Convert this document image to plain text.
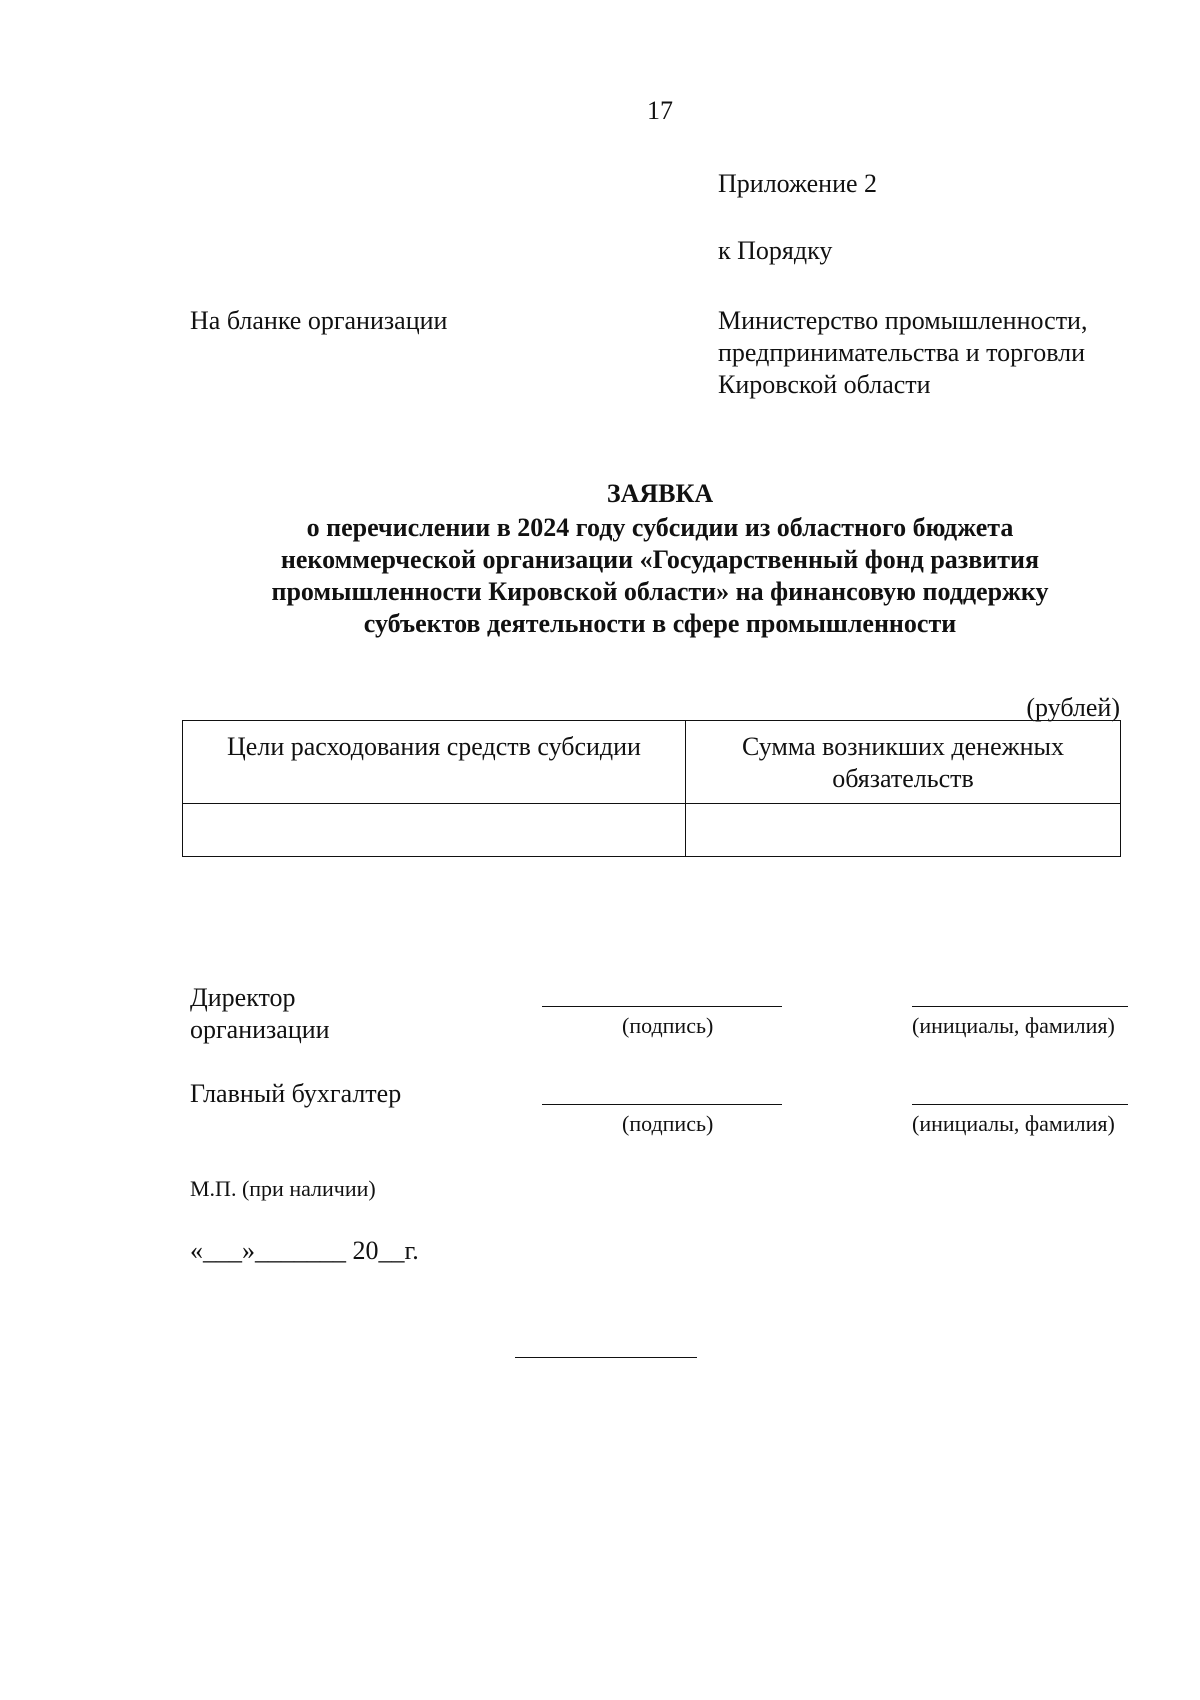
17
Приложение 2
к Порядку
На бланке организации	Министерство промышленности,
предпринимательства и торговли
Кировской области
ЗАЯВКА
о перечислении в 2024 году субсидии из областного бюджета
некоммерческой организации «Государственный фонд развития
промышленности Кировской области» на финансовую поддержку
субъектов деятельности в сфере промышленности
(рублей)
Цели расходования средств субсидии	Сумма возникших денежных обязательств

Директор
организации	(подпись)	(инициалы, фамилия)
Главный бухгалтер
(подпись)	(инициалы, фамилия)
М.П. (при наличии)
«___»_______ 20__г.
